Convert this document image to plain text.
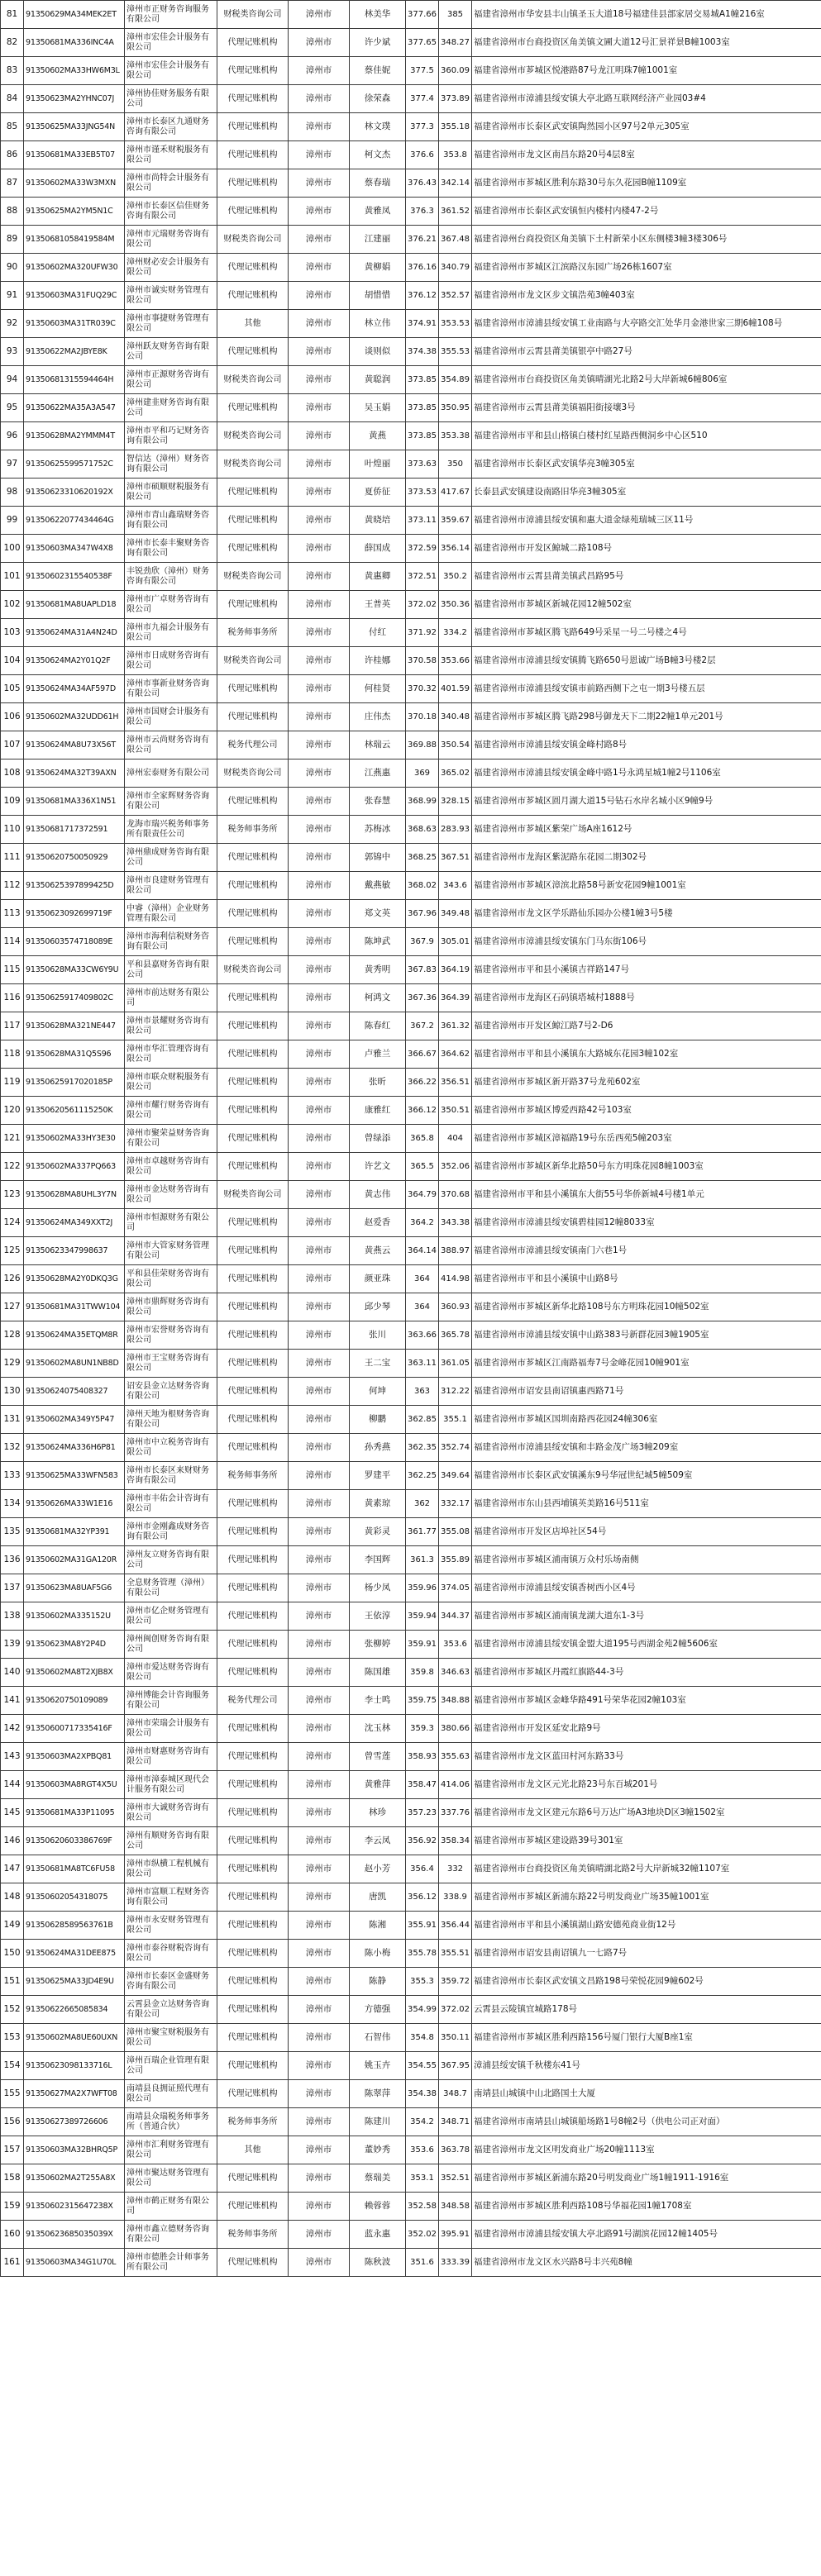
81	91350629MA34MEK2ET	漳州市正财务咨询服务有限公司	财税类咨询公司	漳州市	林美华	377.66	385	福建省漳州市华安县丰山镇圣玉大道18号福建佳县部家居交易城A1幢216室
82	91350681MA336INC4A	漳州市宏佳会计服务有限公司	代理记账机构	漳州市	许少斌	377.65	348.27	福建省漳州市台商投资区角美镇文圃大道12号汇景祥景B幢1003室
83	91350602MA33HW6M3L	漳州市宏佳会计服务有限公司	代理记账机构	漳州市	蔡佳妮	377.5	360.09	福建省漳州市芗城区悦港路87号龙江明珠7幢1001室
84	91350623MA2YHNC07J	漳州协佳财务服务有限公司	代理记账机构	漳州市	徐荣森	377.4	373.89	福建省漳州市漳浦县绥安镇大亭北路互联网经济产业园03#4
85	91350625MA33JNG54N	漳州市长泰区九通财务咨询有限公司	代理记账机构	漳州市	林文璞	377.3	355.18	福建省漳州市长泰区武安镇陶然园小区97号2单元305室
86	91350681MA33EB5T07	漳州市谨禾财税服务有限公司	代理记账机构	漳州市	柯文杰	376.6	353.8	福建省漳州市龙文区南昌东路20号4层8室
87	91350602MA33W3MXN	漳州市尚特会计服务有限公司	代理记账机构	漳州市	蔡春瑞	376.43	342.14	福建省漳州市芗城区胜利东路30号东久花园B幢1109室
88	91350625MA2YM5N1C	漳州市长泰区信佳财务咨询有限公司	代理记账机构	漳州市	黄雅凤	376.3	361.52	福建省漳州市长泰区武安镇恒内楼村内楼47-2号
89	91350681058419584M	漳州市元瑞财务咨询有限公司	财税类咨询公司	漳州市	江建丽	376.21	367.48	福建省漳州台商投资区角美镇下土村新荣小区东侧楼3幢3楼306号
90	91350602MA320UFW30	漳州财必安会计服务有限公司	代理记账机构	漳州市	黄柳娟	376.16	340.79	福建省漳州市芗城区江滨路汉东园广场26栋1607室
91	91350603MA31FUQ29C	漳州市诚实财务管理有限公司	代理记账机构	漳州市	胡惜惜	376.12	352.57	福建省漳州市龙文区步文镇浩苑3幢403室
92	91350603MA31TR039C	漳州市事捷财务管理有限公司	其他	漳州市	林立伟	374.91	353.53	福建省漳州市漳浦县绥安镇工业南路与大亭路交汇处华月金港世家三期6幢108号
93	91350622MA2JBYE8K	漳州跃友财务咨询有限公司	代理记账机构	漳州市	谈则似	374.38	355.53	福建省漳州市云霄县莆美镇银亭中路27号
94	91350681315594464H	漳州市正源财务咨询有限公司	财税类咨询公司	漳州市	黄聪润	373.85	354.89	福建省漳州市台商投资区角美镇晴湖光北路2号大岸新城6幢806室
95	91350622MA35A3A547	漳州建韭财务咨询有限公司	代理记账机构	漳州市	吴玉娟	373.85	350.95	福建省漳州市云霄县莆美镇福阳街接壤3号
96	91350628MA2YMMM4T	漳州市平和巧记财务咨询有限公司	财税类咨询公司	漳州市	黄燕	373.85	353.38	福建省漳州市平和县山格镇白楼村红星路西侧洞乡中心区510
97	91350625599571752C	智信达（漳州）财务咨询有限公司	财税类咨询公司	漳州市	叶煌丽	373.63	350	福建省漳州市长泰区武安镇华亮3幢305室
98	91350623310620192X	漳州市硕顺财税服务有限公司	代理记账机构	漳州市	夏侨征	373.53	417.67	长泰县武安镇建设南路旧华亮3幢305室
99	91350622077434464G	漳州市青山鑫瑞财务咨询有限公司	代理记账机构	漳州市	黄晓培	373.11	359.67	福建省漳州市漳浦县绥安镇和惠大道金绿苑瑞城三区11号
100	91350603MA347W4X8	漳州市长泰丰聚财务咨询有限公司	代理记账机构	漳州市	薛国成	372.59	356.14	福建省漳州市开发区鲸城二路108号
101	91350602315540538F	丰锐劲欣（漳州）财务咨询有限公司	财税类咨询公司	漳州市	黄惠卿	372.51	350.2	福建省漳州市云霄县莆美镇武昌路95号
102	91350681MA8UAPLD18	漳州市广卓财务咨询有限公司	代理记账机构	漳州市	王普英	372.02	350.36	福建省漳州市芗城区新城花园12幢502室
103	91350624MA31A4N24D	漳州市九福会计服务有限公司	税务师事务所	漳州市	付红	371.92	334.2	福建省漳州市芗城区腾飞路649号采星一号二号楼之4号
104	91350624MA2Y01Q2F	漳州市日成财务咨询有限公司	财税类咨询公司	漳州市	许桂娜	370.58	353.66	福建省漳州市漳浦县绥安镇腾飞路650号恩诚广场B幢3号楼2层
105	91350624MA34AF597D	漳州市事新业财务咨询有限公司	代理记账机构	漳州市	何桂贤	370.32	401.59	福建省漳州市漳浦县绥安镇市前路西侧下之屯一期3号楼五层
106	91350602MA32UDD61H	漳州市国财会计服务有限公司	代理记账机构	漳州市	庄伟杰	370.18	340.48	福建省漳州市芗城区腾飞路298号御龙天下二期22幢1单元201号
107	91350624MA8U73X56T	漳州市云尚财务咨询有限公司	税务代理公司	漳州市	林瑞云	369.88	350.54	福建省漳州市漳浦县绥安镇金峰村路8号
108	91350624MA32T39AXN	漳州宏泰财务有限公司	财税类咨询公司	漳州市	江燕惠	369	365.02	福建省漳州市漳浦县绥安镇金峰中路1号永鸿星城1幢2号1106室
109	91350681MA336X1N51	漳州市全家辉财务咨询有限公司	代理记账机构	漳州市	张春慧	368.99	328.15	福建省漳州市芗城区圆月湖大道15号钻石水岸名城小区9幢9号
110	91350681717372591	龙海市瑞兴税务师事务所有限责任公司	税务师事务所	漳州市	苏梅冰	368.63	283.93	福建省漳州市芗城区紫荣广场A座1612号
111	91350620750050929	漳州鼎成财务咨询有限公司	代理记账机构	漳州市	郭锦中	368.25	367.51	福建省漳州市龙海区紫泥路东花园二期302号
112	91350625397899425D	漳州市良建财务管理有限公司	代理记账机构	漳州市	戴燕敏	368.02	343.6	福建省漳州市芗城区漳滨北路58号新安花园9幢1001室
113	91350623092699719F	中睿（漳州）企业财务管理有限公司	代理记账机构	漳州市	郑文英	367.96	349.48	福建省漳州市龙文区学乐路仙乐园办公楼1幢3号5楼
114	91350603574718089E	漳州市海利信税财务咨询有限公司	代理记账机构	漳州市	陈坤武	367.9	305.01	福建省漳州市漳浦县绥安镇东门马东街106号
115	91350628MA33CW6Y9U	平和县嘉财务咨询有限公司	财税类咨询公司	漳州市	黄秀明	367.83	364.19	福建省漳州市平和县小溪镇吉祥路147号
116	91350625917409802C	漳州市前达财务有限公司	代理记账机构	漳州市	柯鸿文	367.36	364.39	福建省漳州市龙海区石码镇塔城村1888号
117	91350628MA321NE447	漳州市景耀财务咨询有限公司	代理记账机构	漳州市	陈春红	367.2	361.32	福建省漳州市开发区鲸江路7号2-D6
118	91350628MA31Q5S96	漳州市华汇管理咨询有限公司	代理记账机构	漳州市	卢雅兰	366.67	364.62	福建省漳州市平和县小溪镇东大路城东花园3幢102室
119	91350625917020185P	漳州市联众财税服务有限公司	代理记账机构	漳州市	张昕	366.22	356.51	福建省漳州市芗城区新开路37号龙苑602室
120	91350620561115250K	漳州市耀行财务咨询有限公司	代理记账机构	漳州市	康雅红	366.12	350.51	福建省漳州市芗城区博爱西路42号103室
121	91350602MA33HY3E30	漳州市聚荣益财务咨询有限公司	代理记账机构	漳州市	曾绿添	365.8	404	福建省漳州市芗城区漳福路19号东岳西苑5幢203室
122	91350602MA337PQ663	漳州市卓越财务咨询有限公司	代理记账机构	漳州市	许艺文	365.5	352.06	福建省漳州市芗城区新华北路50号东方明珠花园8幢1003室
123	91350628MA8UHL3Y7N	漳州市金达财务咨询有限公司	财税类咨询公司	漳州市	黄志伟	364.79	370.68	福建省漳州市平和县小溪镇东大街55号华侨新城4号楼1单元
124	91350624MA349XXT2J	漳州市恒源财务有限公司	代理记账机构	漳州市	赵爱香	364.2	343.38	福建省漳州市漳浦县绥安镇碧桂园12幢8033室
125	91350623347998637	漳州市大管家财务管理有限公司	代理记账机构	漳州市	黄燕云	364.14	388.97	福建省漳州市漳浦县绥安镇南门六巷1号
126	91350628MA2Y0DKQ3G	平和县佳荣财务咨询有限公司	代理记账机构	漳州市	颜亚珠	364	414.98	福建省漳州市平和县小溪镇中山路8号
127	91350681MA31TWW104	漳州市鼎辉财务咨询有限公司	代理记账机构	漳州市	邱少琴	364	360.93	福建省漳州市芗城区新华北路108号东方明珠花园10幢502室
128	91350624MA35ETQM8R	漳州市宏誉财务咨询有限公司	代理记账机构	漳州市	张川	363.66	365.78	福建省漳州市漳浦县绥安镇中山路383号新群花园3幢1905室
129	91350602MA8UN1NB8D	漳州市王宝财务咨询有限公司	代理记账机构	漳州市	王二宝	363.11	361.05	福建省漳州市芗城区江南路福寿7号金峰花园10幢901室
130	91350624075408327	诏安县金立达财务咨询有限公司	代理记账机构	漳州市	何坤	363	312.22	福建省漳州市诏安县南诏镇惠西路71号
131	91350602MA349Y5P47	漳州天地为根财务咨询有限公司	代理记账机构	漳州市	柳鹏	362.85	355.1	福建省漳州市芗城区国圳南路西花园24幢306室
132	91350624MA336H6P81	漳州市中立税务咨询有限公司	代理记账机构	漳州市	孙秀燕	362.35	352.74	福建省漳州市漳浦县绥安镇和丰路金茂广场3幢209室
133	91350625MA33WFN583	漳州市长泰区来财财务咨询有限公司	税务师事务所	漳州市	罗建平	362.25	349.64	福建省漳州市长泰区武安镇溪东9号华冠世纪城5幢509室
134	91350626MA33W1E16	漳州市丰佑会计咨询有限公司	代理记账机构	漳州市	黄素琼	362	332.17	福建省漳州市东山县西埔镇英美路16号511室
135	91350681MA32YP391	漳州市金刚鑫成财务咨询有限公司	代理记账机构	漳州市	黄彩灵	361.77	355.08	福建省漳州市开发区店埠社区54号
136	91350602MA31GA120R	漳州友立财务咨询有限公司	代理记账机构	漳州市	李国辉	361.3	355.89	福建省漳州市芗城区浦南镇万众村乐场南侧
137	91350623MA8UAF5G6	全息财务管理（漳州）有限公司	代理记账机构	漳州市	杨少凤	359.96	374.05	福建省漳州市漳浦县绥安镇香树西小区4号
138	91350602MA335152U	漳州市亿企财务管理有限公司	代理记账机构	漳州市	王依淳	359.94	344.37	福建省漳州市芗城区浦南镇龙湖大道东1-3号
139	91350623MA8Y2P4D	漳州闽创财务咨询有限公司	代理记账机构	漳州市	张柳婷	359.91	353.6	福建省漳州市漳浦县绥安镇金盟大道195号西湖金苑2幢5606室
140	91350602MA8T2XJB8X	漳州市爱达财务咨询有限公司	代理记账机构	漳州市	陈国雄	359.8	346.63	福建省漳州市芗城区丹霞红旗路44-3号
141	91350620750109089	漳州博能会计咨询服务有限公司	税务代理公司	漳州市	李士鸣	359.75	348.88	福建省漳州市芗城区金峰华路491号荣华花园2幢103室
142	91350600717335416F	漳州市荣瑞会计服务有限公司	代理记账机构	漳州市	沈玉林	359.3	380.66	福建省漳州市开发区延安北路9号
143	91350603MA2XPBQ81	漳州市财惠财务咨询有限公司	代理记账机构	漳州市	曾雪莲	358.93	355.63	福建省漳州市龙文区蓝田村河东路33号
144	91350603MA8RGT4X5U	漳州市漳泰城区现代会计服务有限公司	代理记账机构	漳州市	黄雅萍	358.47	414.06	福建省漳州市龙文区元光北路23号东百城201号
145	91350681MA33P11095	漳州市大诚财务咨询有限公司	代理记账机构	漳州市	林珍	357.23	337.76	福建省漳州市龙文区建元东路6号万达广场A3地块D区3幢1502室
146	91350620603386769F	漳州有顺财务咨询有限公司	代理记账机构	漳州市	李云凤	356.92	358.34	福建省漳州市芗城区建设路39号301室
147	91350681MA8TC6FU58	漳州市纵横工程机械有限公司	代理记账机构	漳州市	赵小芳	356.4	332	福建省漳州市台商投资区角美镇晴湖北路2号大岸新城32幢1107室
148	91350602054318075	漳州市富顺工程财务咨询有限公司	代理记账机构	漳州市	唐凯	356.12	338.9	福建省漳州市芗城区新浦东路22号明发商业广场35幢1001室
149	91350628589563761B	漳州市永安财务管理有限公司	代理记账机构	漳州市	陈湘	355.91	356.44	福建省漳州市平和县小溪镇湖山路安德苑商业街12号
150	91350624MA31DEE875	漳州市泰谷财税咨询有限公司	代理记账机构	漳州市	陈小梅	355.78	355.51	福建省漳州市诏安县南诏镇九一七路7号
151	91350625MA33JD4E9U	漳州市长泰区金盛财务咨询有限公司	代理记账机构	漳州市	陈静	355.3	359.72	福建省漳州市长泰区武安镇文昌路198号荣悦花园9幢602号
152	91350622665085834	云霄县金立达财务咨询有限公司	代理记账机构	漳州市	方德强	354.99	372.02	云霄县云陵镇宜城路178号
153	91350602MA8UE60UXN	漳州市聚宝财税服务有限公司	代理记账机构	漳州市	石智伟	354.8	350.11	福建省漳州市芗城区胜利西路156号厦门银行大厦B座1室
154	91350623098133716L	漳州百瑞企业管理有限公司	代理记账机构	漳州市	姚玉卉	354.55	367.95	漳浦县绥安镇千秋楼东41号
155	91350627MA2X7WFT08	南靖县良拥证照代理有限公司	代理记账机构	漳州市	陈翠萍	354.38	348.7	南靖县山城镇中山北路国土大厦
156	91350627389726606	南靖县众瑞税务师事务所（普通合伙）	税务师事务所	漳州市	陈建川	354.2	348.71	福建省漳州市南靖县山城镇船场路1号8幢2号（供电公司正对面）
157	91350603MA32BHRQ5P	漳州市汇利财务管理有限公司	其他	漳州市	董妙秀	353.6	363.78	福建省漳州市龙文区明发商业广场20幢1113室
158	91350602MA2T255A8X	漳州市聚达财务管理有限公司	代理记账机构	漳州市	蔡瑞美	353.1	352.51	福建省漳州市芗城区新浦东路20号明发商业广场1幢1911-1916室
159	91350602315647238X	漳州市鹤正财务有限公司	代理记账机构	漳州市	赖蓉蓉	352.58	348.58	福建省漳州市芗城区胜利西路108号华福花园1幢1708室
160	91350623685035039X	漳州市鑫立德财务咨询有限公司	税务师事务所	漳州市	蓝永惠	352.02	395.91	福建省漳州市漳浦县绥安镇大亭北路91号湖滨花园12幢1405号
161	91350603MA34G1U70L	漳州市德胜会计师事务所有限公司	代理记账机构	漳州市	陈秋波	351.6	333.39	福建省漳州市龙文区水兴路8号丰兴苑8幢
